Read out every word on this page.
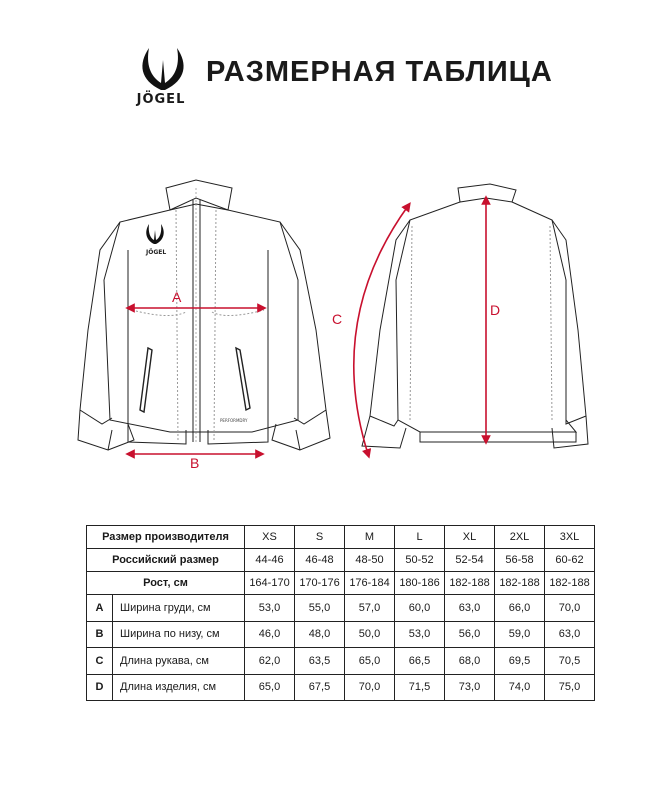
JÖGEL
РАЗМЕРНАЯ ТАБЛИЦА
JÖGEL
PERFORMDRY
A
B
C
D
Размер производителя		XS	S	M	L	XL	2XL	3XL
Российский размер		44-46	46-48	48-50	50-52	52-54	56-58	60-62
Рост, см		164-170	170-176	176-184	180-186	182-188	182-188	182-188
A	Ширина груди, см	53,0	55,0	57,0	60,0	63,0	66,0	70,0
B	Ширина по низу, см	46,0	48,0	50,0	53,0	56,0	59,0	63,0
C	Длина рукава, см	62,0	63,5	65,0	66,5	68,0	69,5	70,5
D	Длина изделия, см	65,0	67,5	70,0	71,5	73,0	74,0	75,0
